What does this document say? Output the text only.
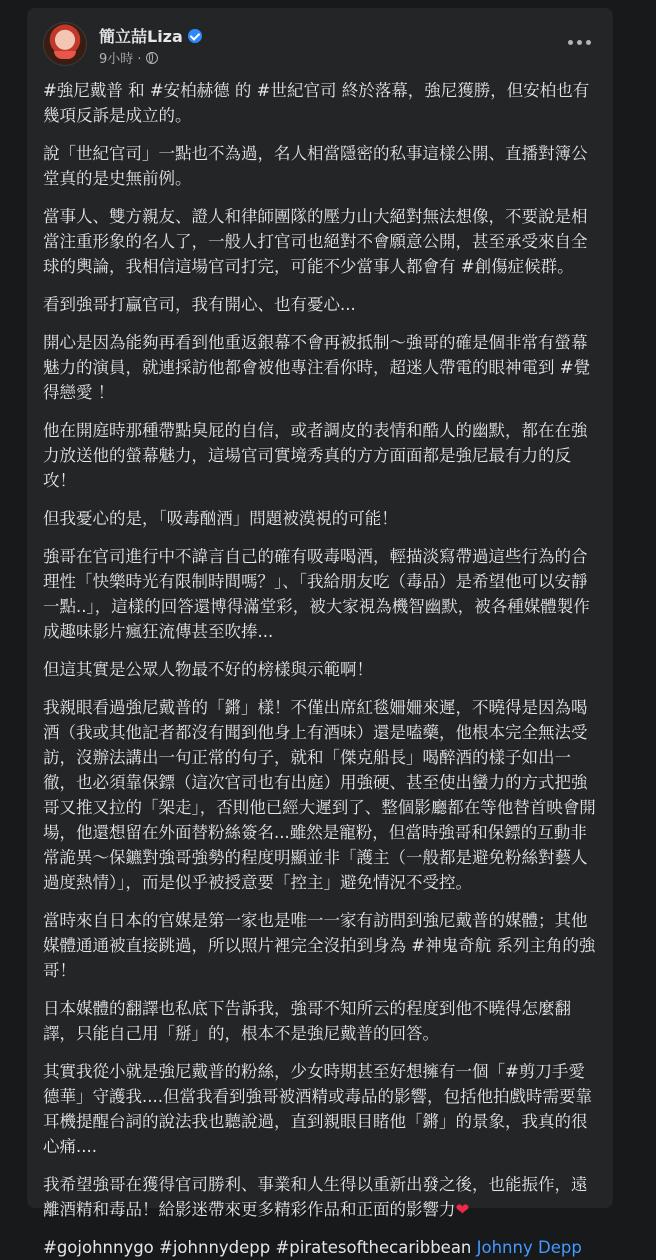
簡立喆Liza
9小時 ·

#強尼戴普 和 #安柏赫德 的 #世紀官司 終於落幕，強尼獲勝，但安柏也有幾項反訴是成立的。

說「世紀官司」一點也不為過，名人相當隱密的私事這樣公開、直播對簿公堂真的是史無前例。

當事人、雙方親友、證人和律師團隊的壓力山大絕對無法想像，不要說是相當注重形象的名人了，一般人打官司也絕對不會願意公開，甚至承受來自全球的輿論，我相信這場官司打完，可能不少當事人都會有 #創傷症候群。

看到強哥打贏官司，我有開心、也有憂心...

開心是因為能夠再看到他重返銀幕不會再被抵制～強哥的確是個非常有螢幕魅力的演員，就連採訪他都會被他專注看你時，超迷人帶電的眼神電到 #覺得戀愛 ！

他在開庭時那種帶點臭屁的自信，或者調皮的表情和酷人的幽默，都在在強力放送他的螢幕魅力，這場官司實境秀真的方方面面都是強尼最有力的反攻！

但我憂心的是，「吸毒酗酒」問題被漠視的可能！

強哥在官司進行中不諱言自己的確有吸毒喝酒，輕描淡寫帶過這些行為的合理性「快樂時光有限制時間嗎？」、「我給朋友吃（毒品）是希望他可以安靜一點..」，這樣的回答還博得滿堂彩，被大家視為機智幽默，被各種媒體製作成趣味影片瘋狂流傳甚至吹捧...

但這其實是公眾人物最不好的榜樣與示範啊！

我親眼看過強尼戴普的「鏘」樣！不僅出席紅毯姍姍來遲，不曉得是因為喝酒（我或其他記者都沒有聞到他身上有酒味）還是嗑藥，他根本完全無法受訪，沒辦法講出一句正常的句子，就和「傑克船長」喝醉酒的樣子如出一徹，也必須靠保鏢（這次官司也有出庭）用強硬、甚至使出蠻力的方式把強哥又推又拉的「架走」，否則他已經大遲到了、整個影廳都在等他替首映會開場，他還想留在外面替粉絲簽名...雖然是寵粉，但當時強哥和保鏢的互動非常詭異～保鑣對強哥強勢的程度明顯並非「護主（一般都是避免粉絲對藝人過度熱情）」，而是似乎被授意要「控主」避免情況不受控。

當時來自日本的官媒是第一家也是唯一一家有訪問到強尼戴普的媒體；其他媒體通通被直接跳過，所以照片裡完全沒拍到身為 #神鬼奇航 系列主角的強哥！

日本媒體的翻譯也私底下告訴我，強哥不知所云的程度到他不曉得怎麼翻譯，只能自己用「掰」的，根本不是強尼戴普的回答。

其實我從小就是強尼戴普的粉絲，少女時期甚至好想擁有一個「#剪刀手愛德華」守護我....但當我看到強哥被酒精或毒品的影響，包括他拍戲時需要靠耳機提醒台詞的說法我也聽說過，直到親眼目睹他「鏘」的景象，我真的很心痛....

我希望強哥在獲得官司勝利、事業和人生得以重新出發之後，也能振作，遠離酒精和毒品！給影迷帶來更多精彩作品和正面的影響力❤

#gojohnnygo #johnnydepp #piratesofthecaribbean Johnny Depp
